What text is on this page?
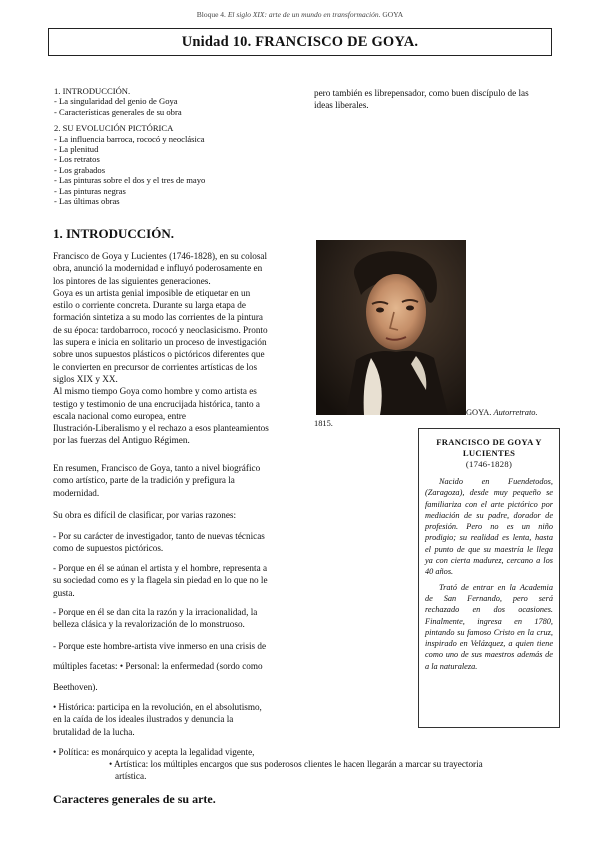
Bloque 4. El siglo XIX: arte de un mundo en transformación. GOYA
Unidad 10. FRANCISCO DE GOYA.
1. INTRODUCCIÓN.
- La singularidad del genio de Goya
- Características generales de su obra
2. SU EVOLUCIÓN PICTÓRICA
- La influencia barroca, rococó y neoclásica
- La plenitud
- Los retratos
- Los grabados
- Las pinturas sobre el dos y el tres de mayo
- Las pinturas negras
- Las últimas obras
pero también es librepensador, como buen discípulo de las
ideas liberales.
1. INTRODUCCIÓN.
Francisco de Goya y Lucientes (1746-1828), en su colosal
obra, anunció la modernidad e influyó poderosamente en
los pintores de las siguientes generaciones.
Goya es un artista genial imposible de etiquetar en un
estilo o corriente concreta. Durante su larga etapa de
formación sintetiza a su modo las corrientes de la pintura
de su época: tardobarroco, rococó y neoclasicismo. Pronto
las supera e inicia en solitario un proceso de investigación
sobre unos supuestos plásticos o pictóricos diferentes que
le convierten en precursor de corrientes artísticas de los
siglos XIX y XX.
Al mismo tiempo Goya como hombre y como artista es
testigo y testimonio de una encrucijada histórica, tanto a
escala nacional como europea, entre
Ilustración-Liberalismo y el rechazo a esos planteamientos
por las fuerzas del Antiguo Régimen.
En resumen, Francisco de Goya, tanto a nivel biográfico
como artístico, parte de la tradición y prefigura la
modernidad.
Su obra es difícil de clasificar, por varias razones:
- Por su carácter de investigador, tanto de nuevas técnicas
como de supuestos pictóricos.
- Porque en él se aúnan el artista y el hombre, representa a
su sociedad como es y la flagela sin piedad en lo que no le
gusta.
- Porque en él se dan cita la razón y la irracionalidad, la
belleza clásica y la revalorización de lo monstruoso.
- Porque este hombre-artista vive inmerso en una crisis de
múltiples facetas: • Personal: la enfermedad (sordo como
Beethoven).
• Histórica: participa en la revolución, en el absolutismo,
en la caída de los ideales ilustrados y denuncia la
brutalidad de la lucha.
• Política: es monárquico y acepta la legalidad vigente,
• Artística: los múltiples encargos que sus poderosos clientes le hacen llegarán a marcar su trayectoria
artística.
GOYA. Autorretrato.
1815.
FRANCISCO DE GOYA Y LUCIENTES
(1746-1828)

Nacido en Fuendetodos, (Zaragoza), desde muy pequeño se familiariza con el arte pictórico por mediación de su padre, dorador de profesión. Pero no es un niño prodigio; su realidad es lenta, hasta el punto de que su maestría le llega ya con cierta madurez, cercano a los 40 años.

Trató de entrar en la Academia de San Fernando, pero será rechazado en dos ocasiones. Finalmente, ingresa en 1780, pintando su famoso Cristo en la cruz, inspirado en Velázquez, a quien tiene como uno de sus maestros además de a la naturaleza.

Caracteres generales de su arte.
